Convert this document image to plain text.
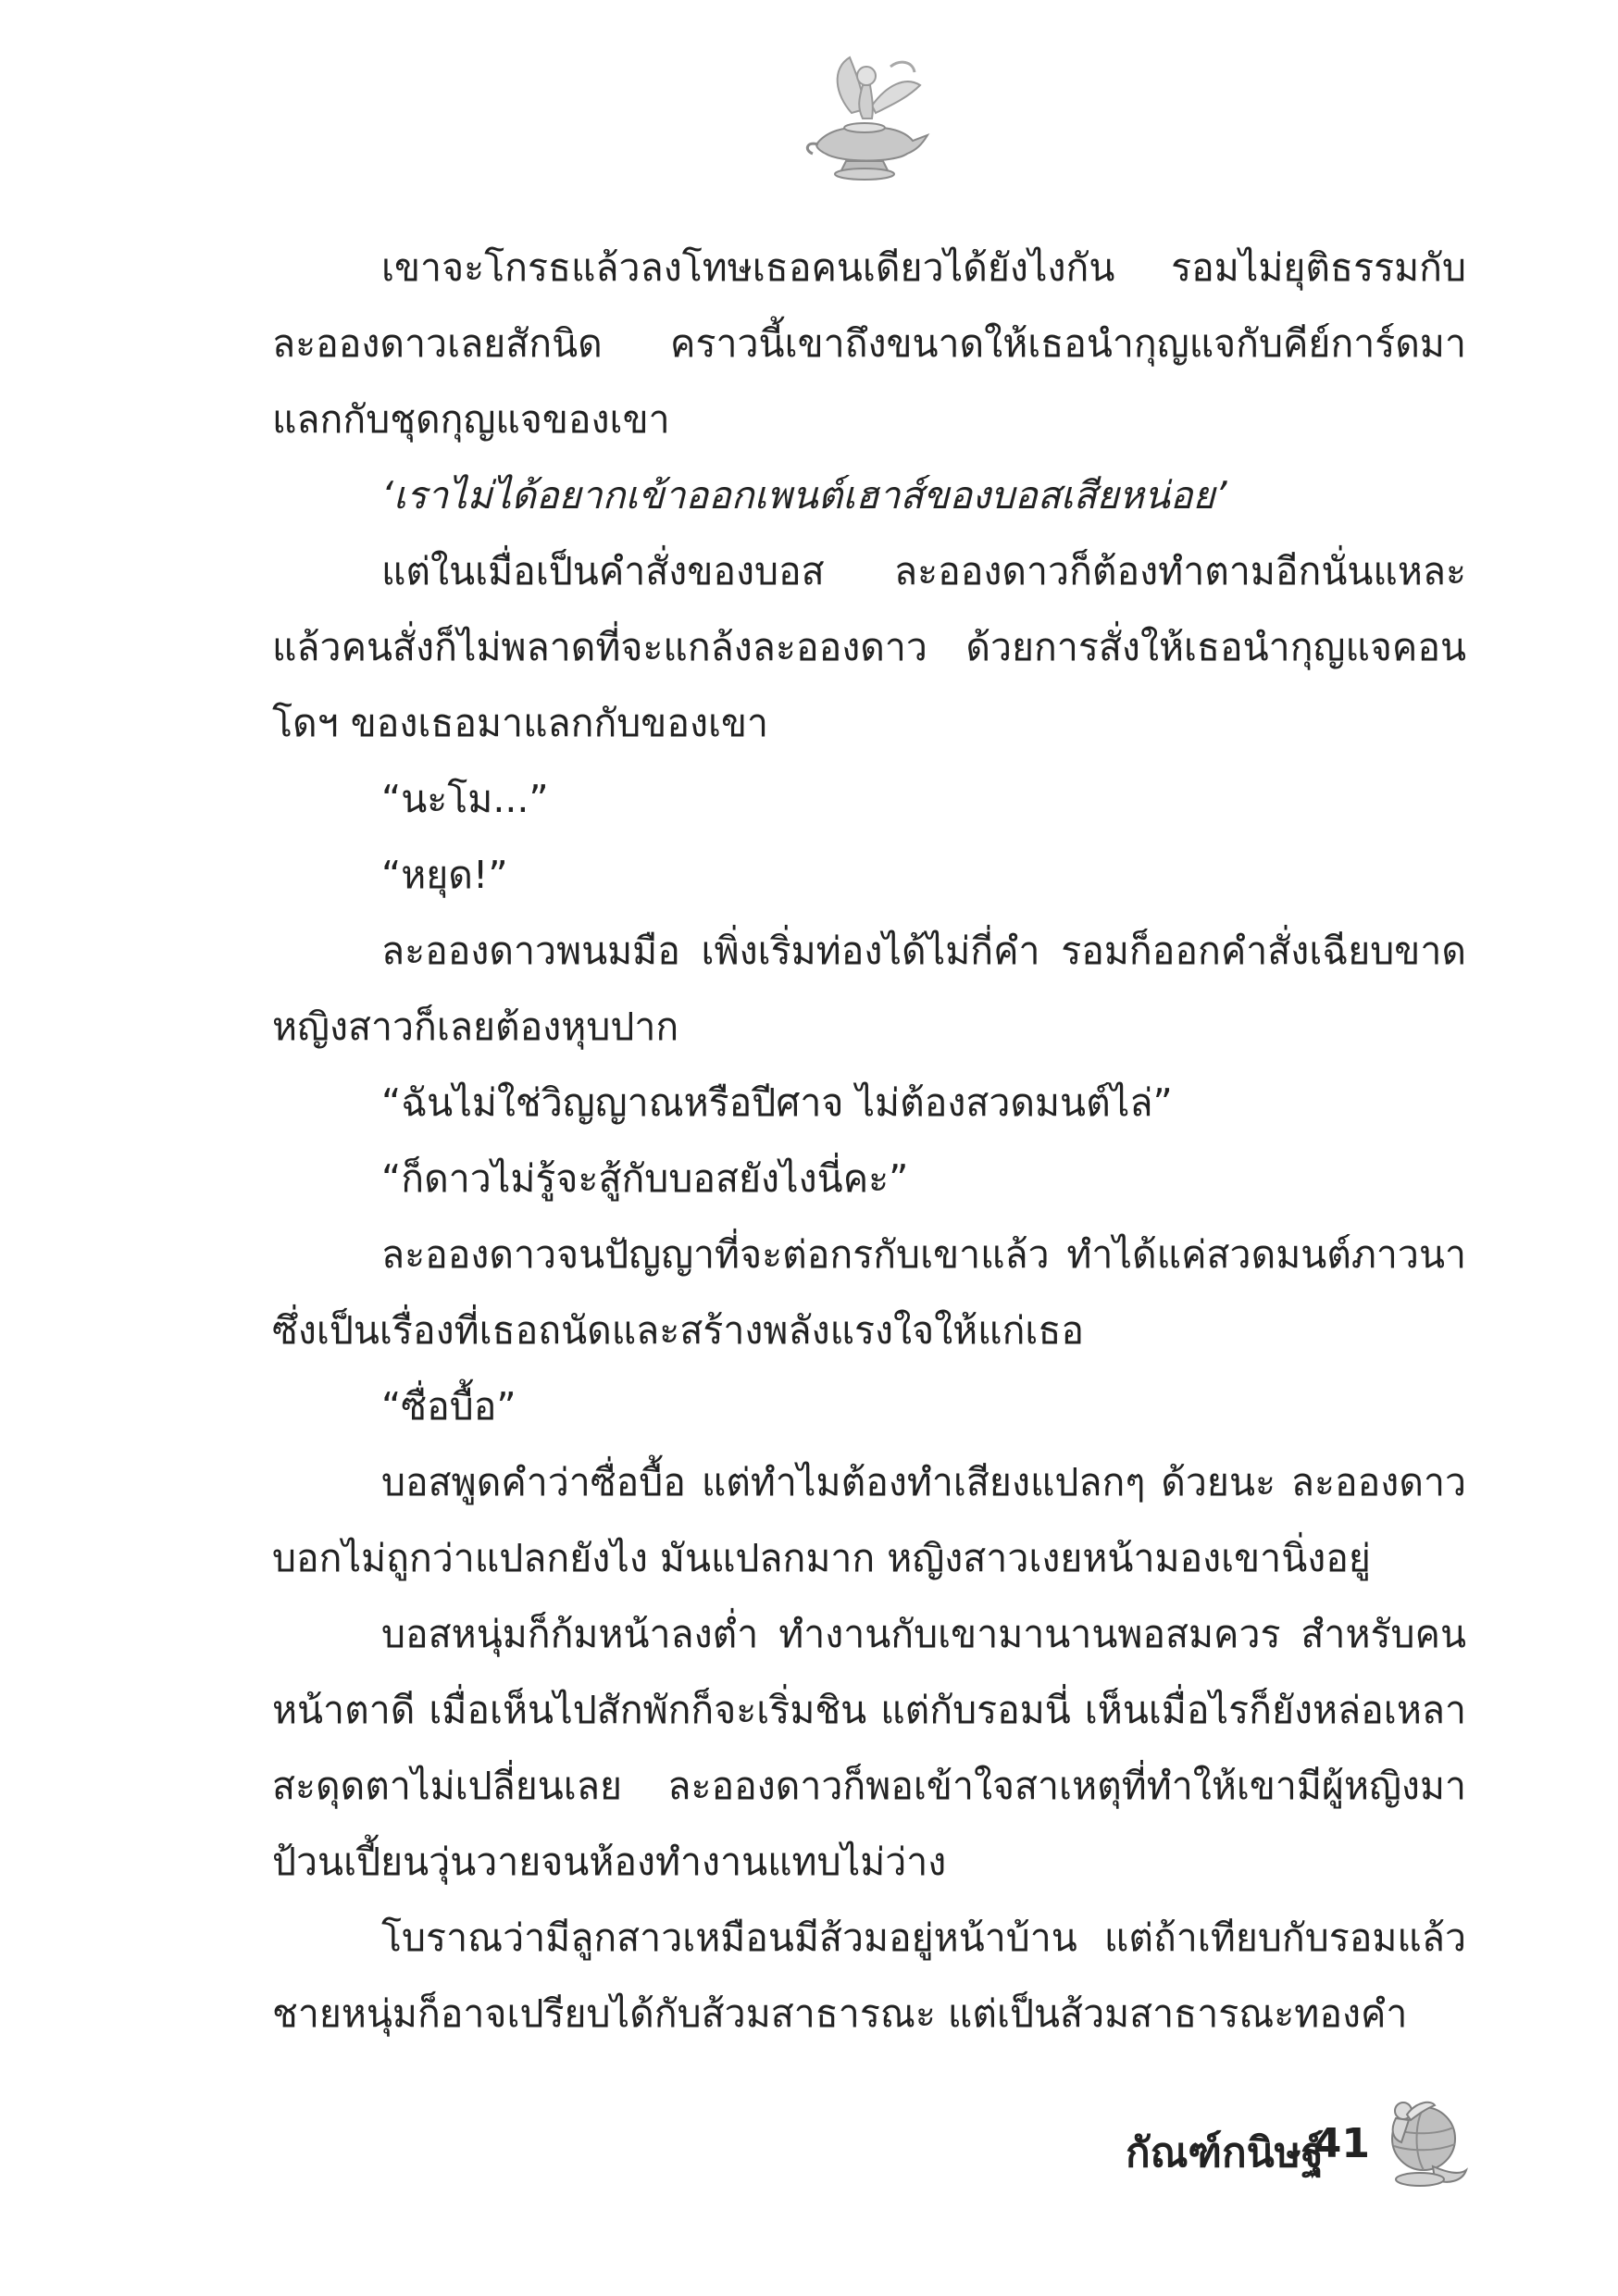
เขาจะโกรธแล้วลงโทษเธอคนเดียวได้ยังไงกัน รอมไม่ยุติธรรมกับละอองดาวเลยสักนิด คราวนี้เขาถึงขนาดให้เธอนำกุญแจกับคีย์การ์ดมาแลกกับชุดกุญแจของเขา

‘เราไม่ได้อยากเข้าออกเพนต์เฮาส์ของบอสเสียหน่อย’

แต่ในเมื่อเป็นคำสั่งของบอส ละอองดาวก็ต้องทำตามอีกนั่นแหละ แล้วคนสั่งก็ไม่พลาดที่จะแกล้งละอองดาว ด้วยการสั่งให้เธอนำกุญแจคอนโดฯ ของเธอมาแลกกับของเขา

“นะโม...”

“หยุด!”

ละอองดาวพนมมือ เพิ่งเริ่มท่องได้ไม่กี่คำ รอมก็ออกคำสั่งเฉียบขาด หญิงสาวก็เลยต้องหุบปาก

“ฉันไม่ใช่วิญญาณหรือปีศาจ ไม่ต้องสวดมนต์ไล่”

“ก็ดาวไม่รู้จะสู้กับบอสยังไงนี่คะ”

ละอองดาวจนปัญญาที่จะต่อกรกับเขาแล้ว ทำได้แค่สวดมนต์ภาวนาซึ่งเป็นเรื่องที่เธอถนัดและสร้างพลังแรงใจให้แก่เธอ

“ซื่อบื้อ”

บอสพูดคำว่าซื่อบื้อ แต่ทำไมต้องทำเสียงแปลกๆ ด้วยนะ ละอองดาวบอกไม่ถูกว่าแปลกยังไง มันแปลกมาก หญิงสาวเงยหน้ามองเขานิ่งอยู่

บอสหนุ่มก็ก้มหน้าลงต่ำ ทำงานกับเขามานานพอสมควร สำหรับคนหน้าตาดี เมื่อเห็นไปสักพักก็จะเริ่มชิน แต่กับรอมนี่ เห็นเมื่อไรก็ยังหล่อเหลาสะดุดตาไม่เปลี่ยนเลย ละอองดาวก็พอเข้าใจสาเหตุที่ทำให้เขามีผู้หญิงมาป้วนเปี้ยนวุ่นวายจนห้องทำงานแทบไม่ว่าง

โบราณว่ามีลูกสาวเหมือนมีส้วมอยู่หน้าบ้าน แต่ถ้าเทียบกับรอมแล้ว ชายหนุ่มก็อาจเปรียบได้กับส้วมสาธารณะ แต่เป็นส้วมสาธารณะทองคำ

กัณฑ์กนิษฐ์
41
